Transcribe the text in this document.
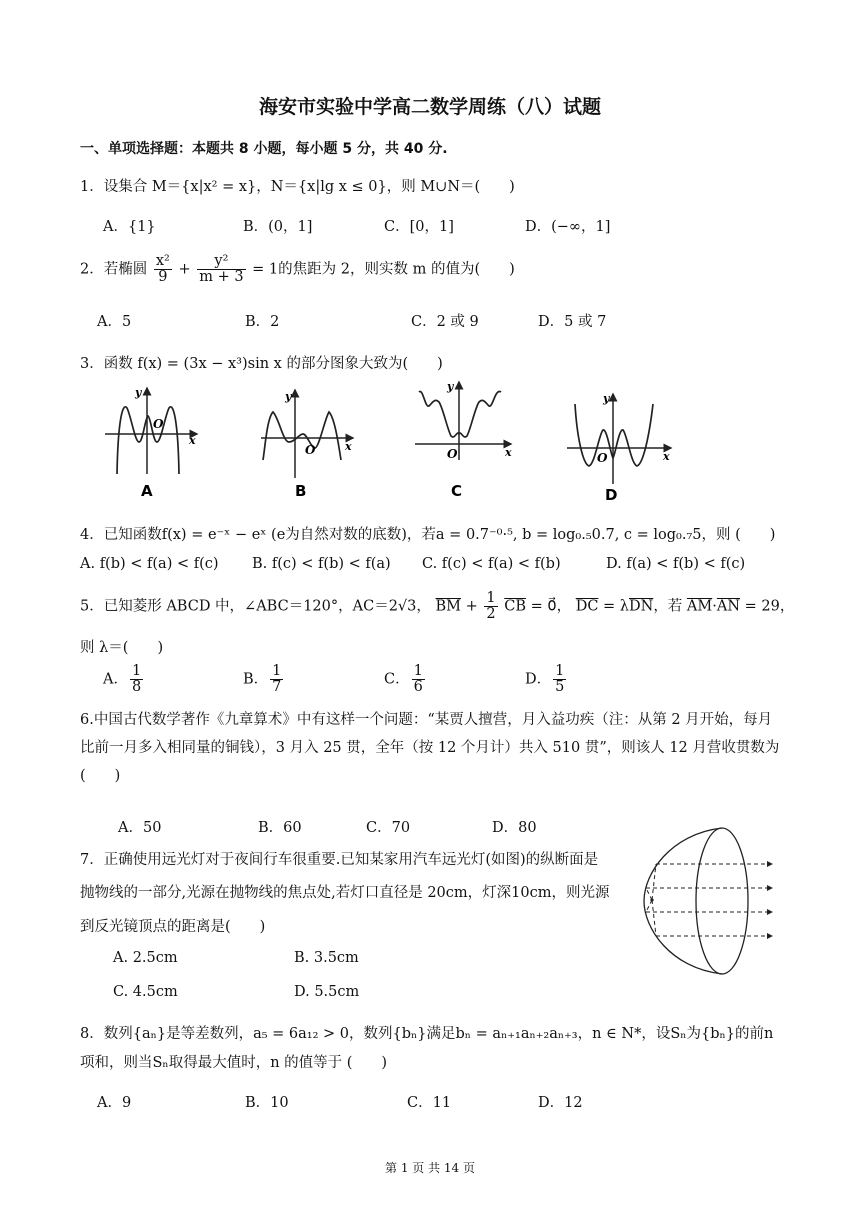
海安市实验中学高二数学周练（八）试题
一、单项选择题：本题共 8 小题，每小题 5 分，共 40 分.
1．设集合 M＝{x|x² = x}，N＝{x|lg x ≤ 0}，则 M∪N＝(　　)
A．{1}	B．(0，1]	C．[0，1]	D．(−∞，1]
2．若椭圆 $\frac{\text{x²}}{9} + \frac{\text{y²}}{m + 3} = 1$的焦距为 2，则实数 m 的值为(　　)
A．5	B．2	C．2 或 9	D．5 或 7
3．函数 f(x) = (3x − x³)sin x 的部分图象大致为(　　)
O
y
x
A
O
y
x
B
O
y
x
C
O
y
x
D
4．已知函数f(x) = e⁻ˣ − eˣ (e为自然对数的底数)，若a = 0.7⁻⁰·⁵, b = log₀.₅0.7, c = log₀.₇5，则 (　　)
A. f(b) < f(a) < f(c) B. f(c) < f(b) < f(a) C. f(c) < f(a) < f(b)	D. f(a) < f(b) < f(c)
5．已知菱形 ABCD 中，∠ABC＝120°，AC＝2√3， $\overline{BM} + \frac{1}{2} \overline{CB}$ = 0⃗， $\overline{DC} = \lambda\overline{DN}$，若 $\overline{AM}\cdot\overline{AN} = 29$，
则 λ＝(　　)
A． $\frac{1}{8}$	B． $\frac{1}{7}$	C． $\frac{1}{6}$	D． $\frac{1}{5}$
6.中国古代数学著作《九章算术》中有这样一个问题：“某贾人擅营，月入益功疾（注：从第 2 月开始，每月比前一月多入相同量的铜钱），3 月入 25 贯，全年（按 12 个月计）共入 510 贯”，则该人 12 月营收贯数为(　　)
A．50	B．60	C．70	D．80
7．正确使用远光灯对于夜间行车很重要.已知某家用汽车远光灯(如图)的纵断面是
抛物线的一部分,光源在抛物线的焦点处,若灯口直径是 20cm，灯深10cm，则光源
到反光镜顶点的距离是(　　)
A. 2.5cm	B. 3.5cm
C. 4.5cm	D. 5.5cm
8．数列{aₙ}是等差数列，a₅ = 6a₁₂ > 0，数列{bₙ}满足bₙ = aₙ₊₁aₙ₊₂aₙ₊₃，n ∈ N*，设Sₙ为{bₙ}的前n
项和，则当Sₙ取得最大值时，n 的值等于 (　　)
A．9	B．10	C．11	D．12
第 1 页 共 14 页
